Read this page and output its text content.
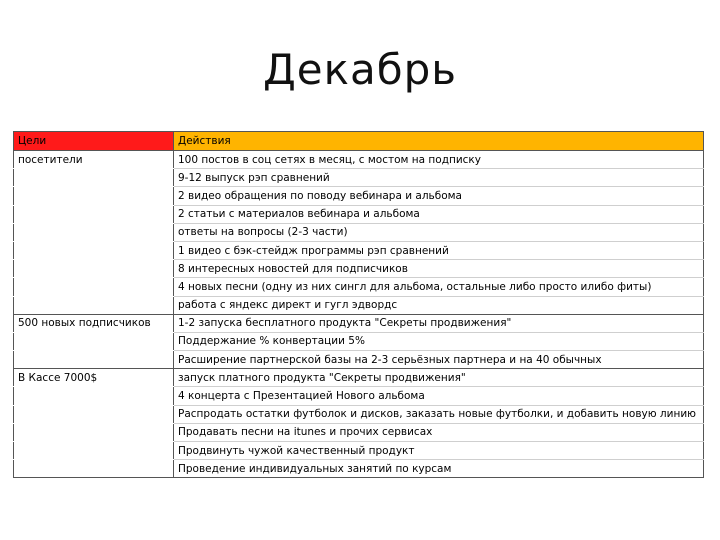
Декабрь
Цели	Действия
посетители	100 постов в соц сетях в месяц, с мостом на подписку
	9-12 выпуск рэп сравнений
	2 видео обращения по поводу вебинара и альбома
	2 статьи с материалов вебинара и альбома
	ответы на вопросы (2-3 части)
	1 видео с бэк-стейдж программы рэп сравнений
	8 интересных новостей для подписчиков
	4 новых песни (одну из них сингл для альбома, остальные либо просто илибо фиты)
	работа с яндекс директ и гугл эдвордс
500 новых подписчиков	1-2 запуска бесплатного продукта "Секреты продвижения"
	Поддержание % конвертации 5%
	Расширение партнерской базы на 2-3 серьёзных партнера и на 40 обычных
В Кассе 7000$	запуск платного продукта "Секреты продвижения"
	4 концерта с Презентацией Нового альбома
	Распродать остатки футболок и дисков, заказать новые футболки, и добавить новую линию
	Продавать песни на itunes и прочих сервисах
	Продвинуть чужой качественный продукт
	Проведение индивидуальных занятий по курсам
